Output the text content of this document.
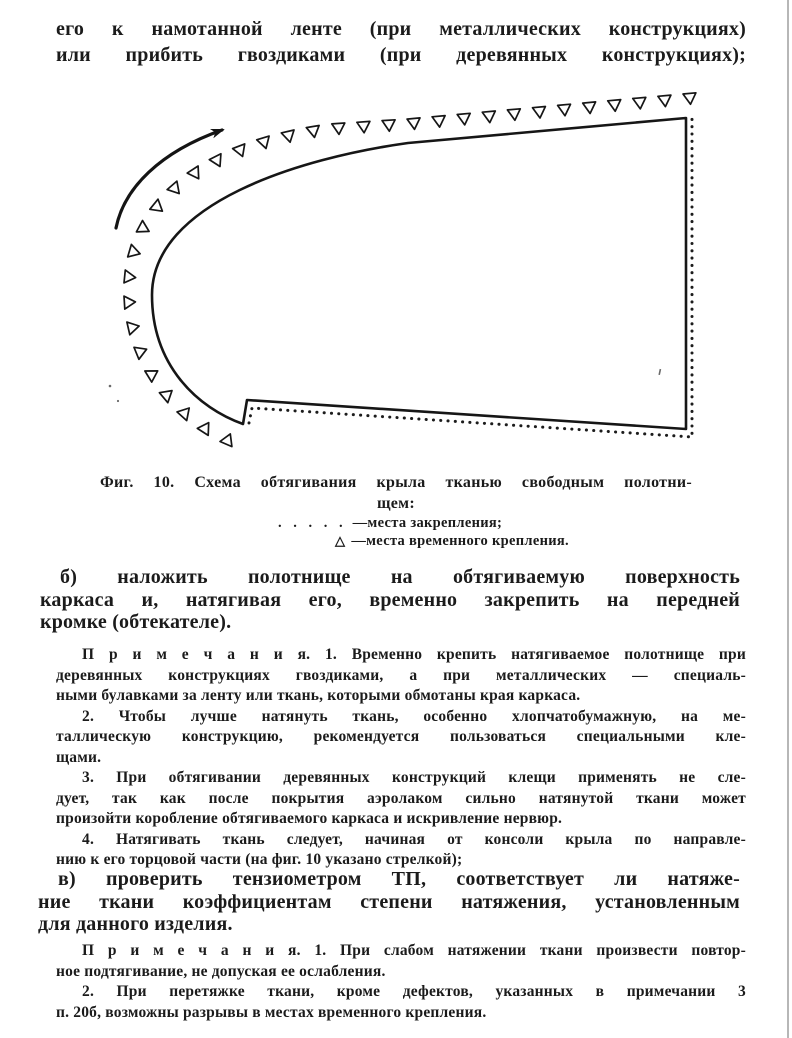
его к намотанной ленте (при металлических конструкциях)
или прибить гвоздиками (при деревянных конструкциях);
Фиг. 10. Схема обтягивания крыла тканью свободным полотни-
щем:
. . . . . —места закрепления;
△ —места временного крепления.
б) наложить полотнище на обтягиваемую поверхность
каркаса и, натягивая его, временно закрепить на передней
кромке (обтекателе).
П р и м е ч а н и я. 1. Временно крепить натягиваемое полотнище при
деревянных конструкциях гвоздиками, а при металлических — специаль-
ными булавками за ленту или ткань, которыми обмотаны края каркаса.
2. Чтобы лучше натянуть ткань, особенно хлопчатобумажную, на ме-
таллическую конструкцию, рекомендуется пользоваться специальными кле-
щами.
3. При обтягивании деревянных конструкций клещи применять не сле-
дует, так как после покрытия аэролаком сильно натянутой ткани может
произойти коробление обтягиваемого каркаса и искривление нервюр.
4. Натягивать ткань следует, начиная от консоли крыла по направле-
нию к его торцовой части (на фиг. 10 указано стрелкой);
в) проверить тензиометром ТП, соответствует ли натяже-
ние ткани коэффициентам степени натяжения, установленным
для данного изделия.
П р и м е ч а н и я. 1. При слабом натяжении ткани произвести повтор-
ное подтягивание, не допуская ее ослабления.
2. При перетяжке ткани, кроме дефектов, указанных в примечании 3
п. 20б, возможны разрывы в местах временного крепления.
